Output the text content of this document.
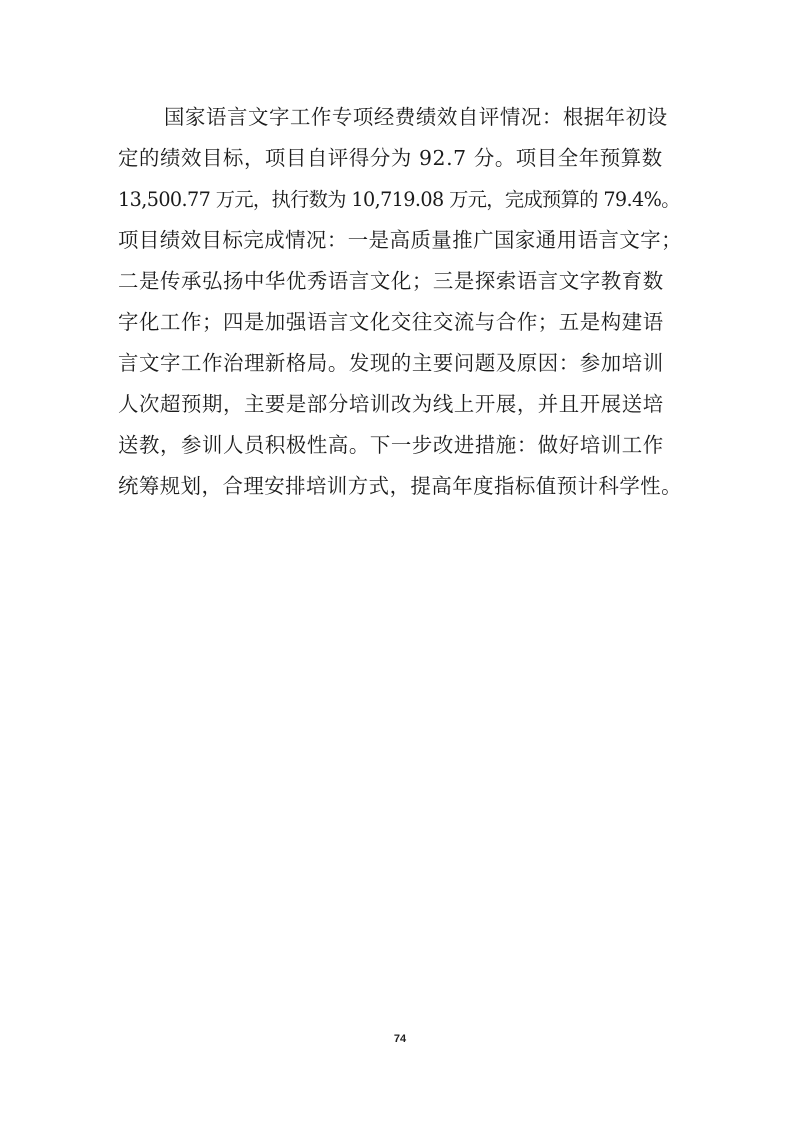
国家语言文字工作专项经费绩效自评情况：根据年初设
定的绩效目标，项目自评得分为 92.7 分。项目全年预算数
13,500.77 万元，执行数为 10,719.08 万元，完成预算的 79.4%。
项目绩效目标完成情况：一是高质量推广国家通用语言文字；
二是传承弘扬中华优秀语言文化；三是探索语言文字教育数
字化工作；四是加强语言文化交往交流与合作；五是构建语
言文字工作治理新格局。发现的主要问题及原因：参加培训
人次超预期，主要是部分培训改为线上开展，并且开展送培
送教，参训人员积极性高。下一步改进措施：做好培训工作
统筹规划，合理安排培训方式，提高年度指标值预计科学性。
74
